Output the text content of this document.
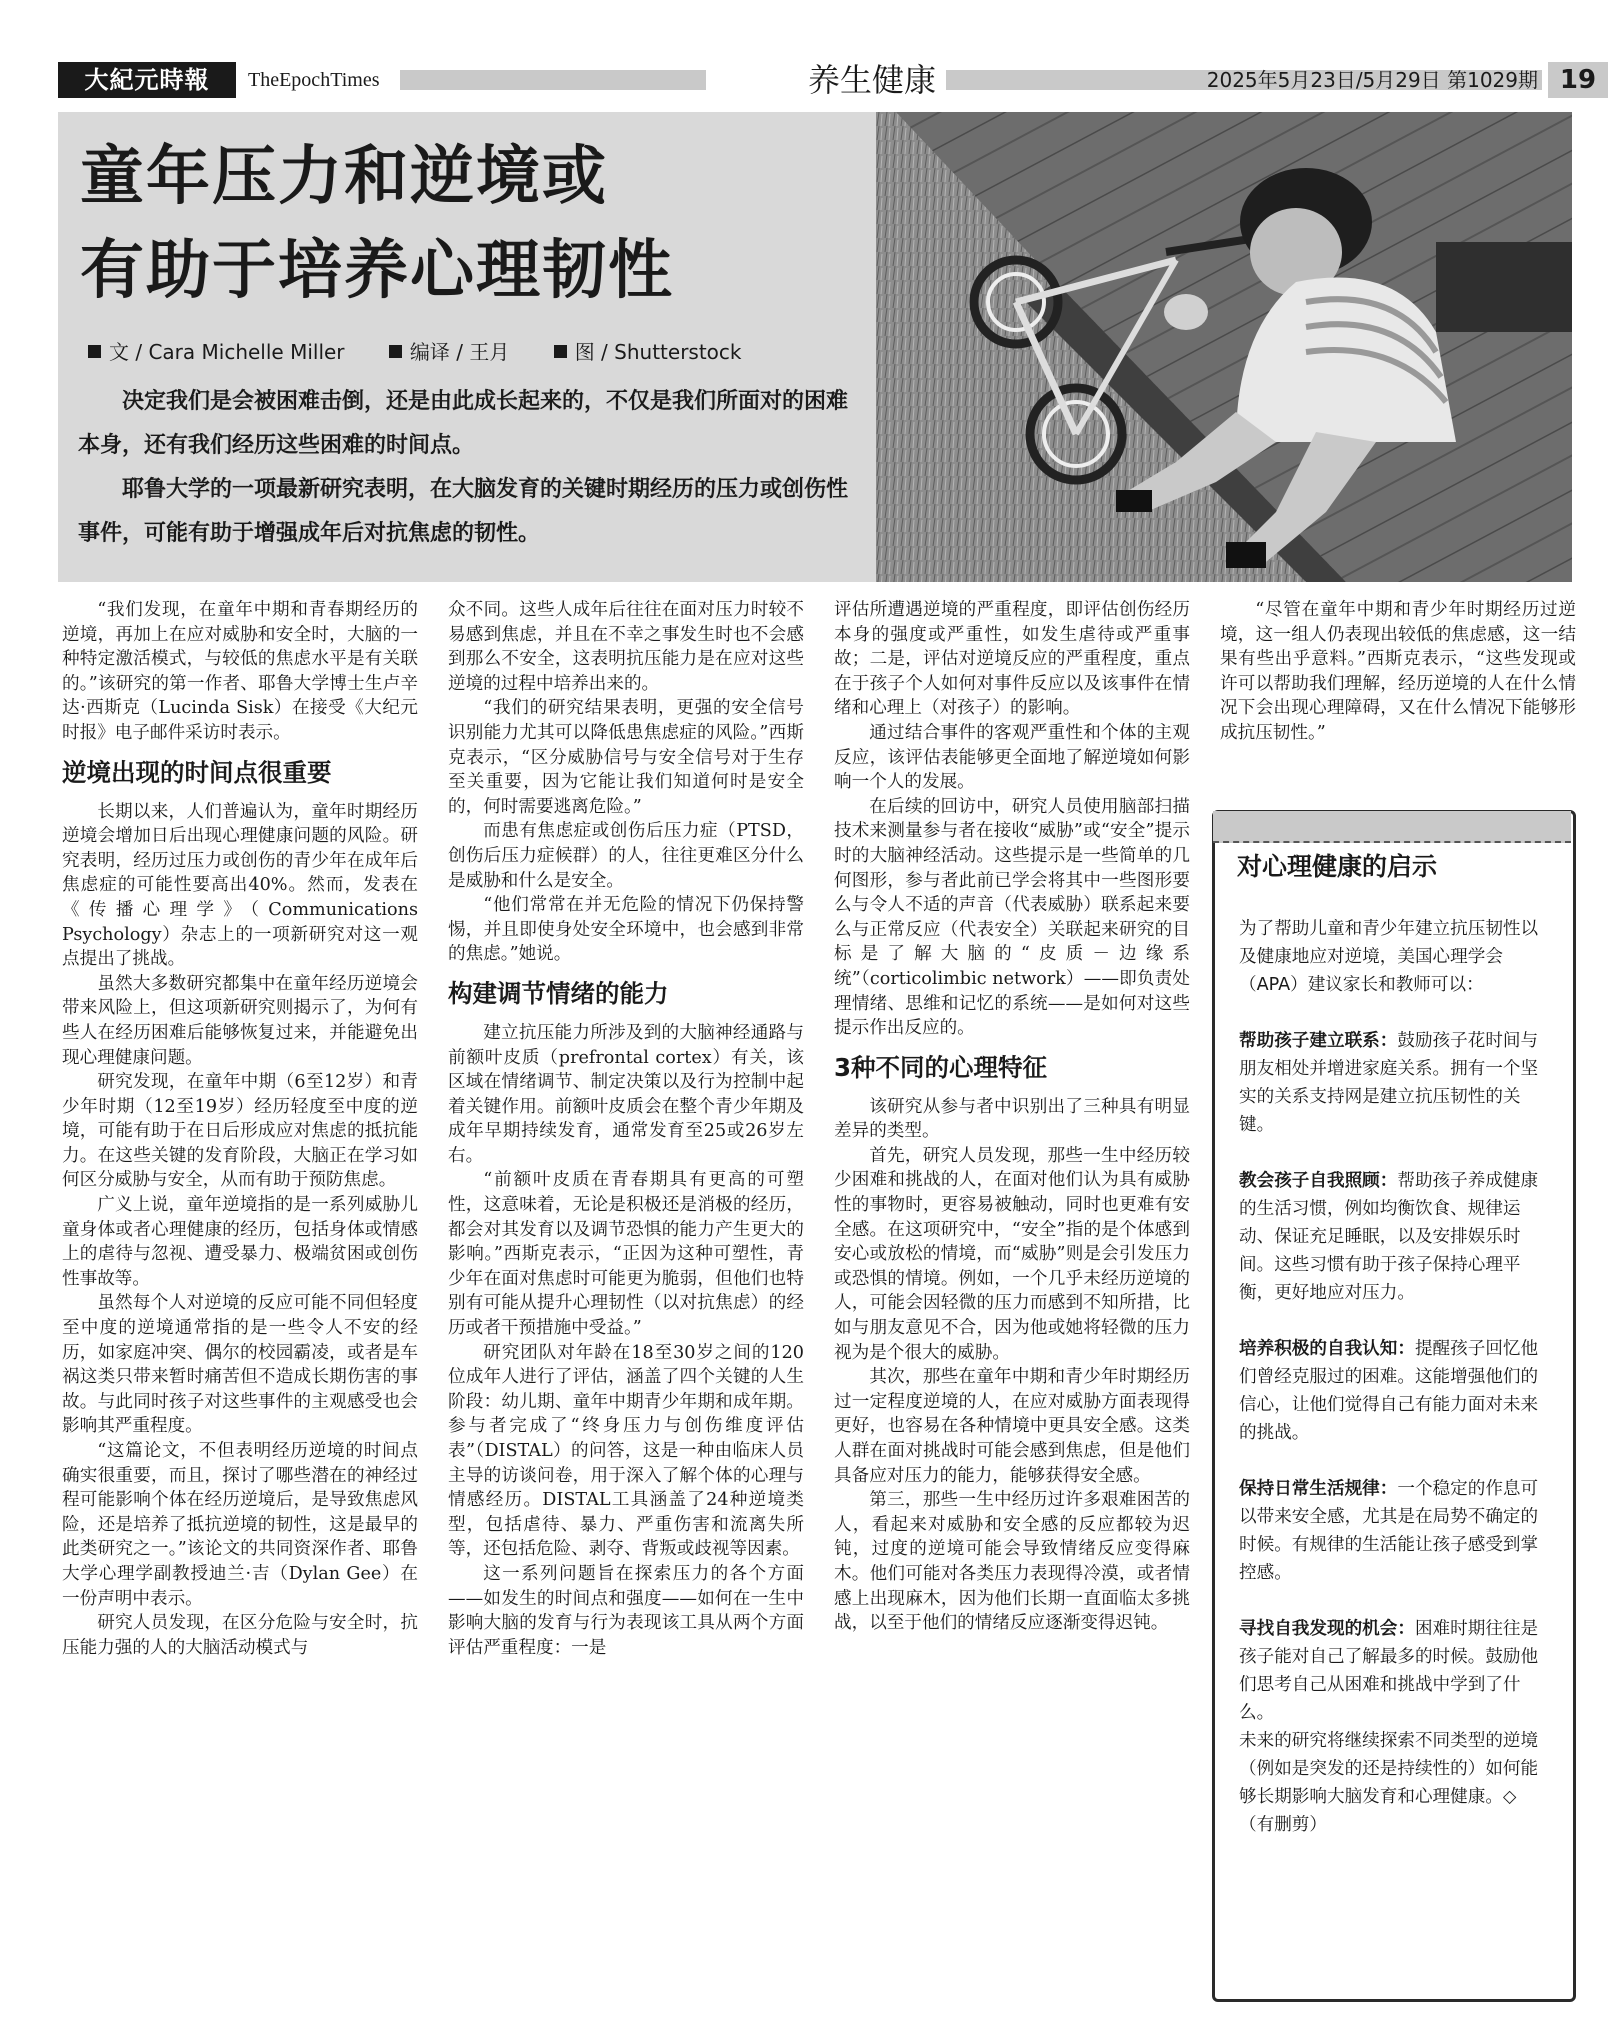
大紀元時報	TheEpochTimes	养生健康	2025年5月23日/5月29日 第1029期 19
童年压力和逆境或
有助于培养心理韧性
文 / Cara Michelle Miller	编译 / 王月	图 / Shutterstock

决定我们是会被困难击倒，还是由此成长起来的，不仅是我们所面对的困难本身，还有我们经历这些困难的时间点。

耶鲁大学的一项最新研究表明，在大脑发育的关键时期经历的压力或创伤性事件，可能有助于增强成年后对抗焦虑的韧性。

“我们发现，在童年中期和青春期经历的逆境，再加上在应对威胁和安全时，大脑的一种特定激活模式，与较低的焦虑水平是有关联的。”该研究的第一作者、耶鲁大学博士生卢辛达·西斯克（Lucinda Sisk）在接受《大纪元时报》电子邮件采访时表示。

逆境出现的时间点很重要

长期以来，人们普遍认为，童年时期经历逆境会增加日后出现心理健康问题的风险。研究表明，经历过压力或创伤的青少年在成年后焦虑症的可能性要高出40%。然而，发表在《传播心理学》（Communications Psychology）杂志上的一项新研究对这一观点提出了挑战。

虽然大多数研究都集中在童年经历逆境会带来风险上，但这项新研究则揭示了，为何有些人在经历困难后能够恢复过来，并能避免出现心理健康问题。

研究发现，在童年中期（6至12岁）和青少年时期（12至19岁）经历轻度至中度的逆境，可能有助于在日后形成应对焦虑的抵抗能力。在这些关键的发育阶段，大脑正在学习如何区分威胁与安全，从而有助于预防焦虑。

广义上说，童年逆境指的是一系列威胁儿童身体或者心理健康的经历，包括身体或情感上的虐待与忽视、遭受暴力、极端贫困或创伤性事故等。

虽然每个人对逆境的反应可能不同但轻度至中度的逆境通常指的是一些令人不安的经历，如家庭冲突、偶尔的校园霸凌，或者是车祸这类只带来暂时痛苦但不造成长期伤害的事故。与此同时孩子对这些事件的主观感受也会影响其严重程度。

“这篇论文，不但表明经历逆境的时间点确实很重要，而且，探讨了哪些潜在的神经过程可能影响个体在经历逆境后，是导致焦虑风险，还是培养了抵抗逆境的韧性，这是最早的此类研究之一。”该论文的共同资深作者、耶鲁大学心理学副教授迪兰·吉（Dylan Gee）在一份声明中表示。

研究人员发现，在区分危险与安全时，抗压能力强的人的大脑活动模式与

众不同。这些人成年后往往在面对压力时较不易感到焦虑，并且在不幸之事发生时也不会感到那么不安全，这表明抗压能力是在应对这些逆境的过程中培养出来的。

“我们的研究结果表明，更强的安全信号识别能力尤其可以降低患焦虑症的风险。”西斯克表示，“区分威胁信号与安全信号对于生存至关重要，因为它能让我们知道何时是安全的，何时需要逃离危险。”

而患有焦虑症或创伤后压力症（PTSD，创伤后压力症候群）的人，往往更难区分什么是威胁和什么是安全。

“他们常常在并无危险的情况下仍保持警惕，并且即使身处安全环境中，也会感到非常的焦虑。”她说。

构建调节情绪的能力

建立抗压能力所涉及到的大脑神经通路与前额叶皮质（prefrontal cortex）有关，该区域在情绪调节、制定决策以及行为控制中起着关键作用。前额叶皮质会在整个青少年期及成年早期持续发育，通常发育至25或26岁左右。

“前额叶皮质在青春期具有更高的可塑性，这意味着，无论是积极还是消极的经历，都会对其发育以及调节恐惧的能力产生更大的影响。”西斯克表示，“正因为这种可塑性，青少年在面对焦虑时可能更为脆弱，但他们也特别有可能从提升心理韧性（以对抗焦虑）的经历或者干预措施中受益。”

研究团队对年龄在18至30岁之间的120位成年人进行了评估，涵盖了四个关键的人生阶段：幼儿期、童年中期青少年期和成年期。参与者完成了“终身压力与创伤维度评估表”（DISTAL）的问答，这是一种由临床人员主导的访谈问卷，用于深入了解个体的心理与情感经历。DISTAL工具涵盖了24种逆境类型，包括虐待、暴力、严重伤害和流离失所等，还包括危险、剥夺、背叛或歧视等因素。

这一系列问题旨在探索压力的各个方面——如发生的时间点和强度——如何在一生中影响大脑的发育与行为表现该工具从两个方面评估严重程度：一是

评估所遭遇逆境的严重程度，即评估创伤经历本身的强度或严重性，如发生虐待或严重事故；二是，评估对逆境反应的严重程度，重点在于孩子个人如何对事件反应以及该事件在情绪和心理上（对孩子）的影响。

通过结合事件的客观严重性和个体的主观反应，该评估表能够更全面地了解逆境如何影响一个人的发展。

在后续的回访中，研究人员使用脑部扫描技术来测量参与者在接收“威胁”或“安全”提示时的大脑神经活动。这些提示是一些简单的几何图形，参与者此前已学会将其中一些图形要么与令人不适的声音（代表威胁）联系起来要么与正常反应（代表安全）关联起来研究的目标是了解大脑的“皮质－边缘系统”（corticolimbic network）——即负责处理情绪、思维和记忆的系统——是如何对这些提示作出反应的。

3种不同的心理特征

该研究从参与者中识别出了三种具有明显差异的类型。

首先，研究人员发现，那些一生中经历较少困难和挑战的人，在面对他们认为具有威胁性的事物时，更容易被触动，同时也更难有安全感。在这项研究中，“安全”指的是个体感到安心或放松的情境，而“威胁”则是会引发压力或恐惧的情境。例如，一个几乎未经历逆境的人，可能会因轻微的压力而感到不知所措，比如与朋友意见不合，因为他或她将轻微的压力视为是个很大的威胁。

其次，那些在童年中期和青少年时期经历过一定程度逆境的人，在应对威胁方面表现得更好，也容易在各种情境中更具安全感。这类人群在面对挑战时可能会感到焦虑，但是他们具备应对压力的能力，能够获得安全感。

第三，那些一生中经历过许多艰难困苦的人，看起来对威胁和安全感的反应都较为迟钝，过度的逆境可能会导致情绪反应变得麻木。他们可能对各类压力表现得冷漠，或者情感上出现麻木，因为他们长期一直面临太多挑战，以至于他们的情绪反应逐渐变得迟钝。

“尽管在童年中期和青少年时期经历过逆境，这一组人仍表现出较低的焦虑感，这一结果有些出乎意料。”西斯克表示，“这些发现或许可以帮助我们理解，经历逆境的人在什么情况下会出现心理障碍，又在什么情况下能够形成抗压韧性。”

对心理健康的启示

为了帮助儿童和青少年建立抗压韧性以及健康地应对逆境，美国心理学会（APA）建议家长和教师可以：

帮助孩子建立联系：鼓励孩子花时间与朋友相处并增进家庭关系。拥有一个坚实的关系支持网是建立抗压韧性的关键。

教会孩子自我照顾：帮助孩子养成健康的生活习惯，例如均衡饮食、规律运动、保证充足睡眠，以及安排娱乐时间。这些习惯有助于孩子保持心理平衡，更好地应对压力。

培养积极的自我认知：提醒孩子回忆他们曾经克服过的困难。这能增强他们的信心，让他们觉得自己有能力面对未来的挑战。

保持日常生活规律：一个稳定的作息可以带来安全感，尤其是在局势不确定的时候。有规律的生活能让孩子感受到掌控感。

寻找自我发现的机会：困难时期往往是孩子能对自己了解最多的时候。鼓励他们思考自己从困难和挑战中学到了什么。

未来的研究将继续探索不同类型的逆境（例如是突发的还是持续性的）如何能够长期影响大脑发育和心理健康。◇（有删剪）
